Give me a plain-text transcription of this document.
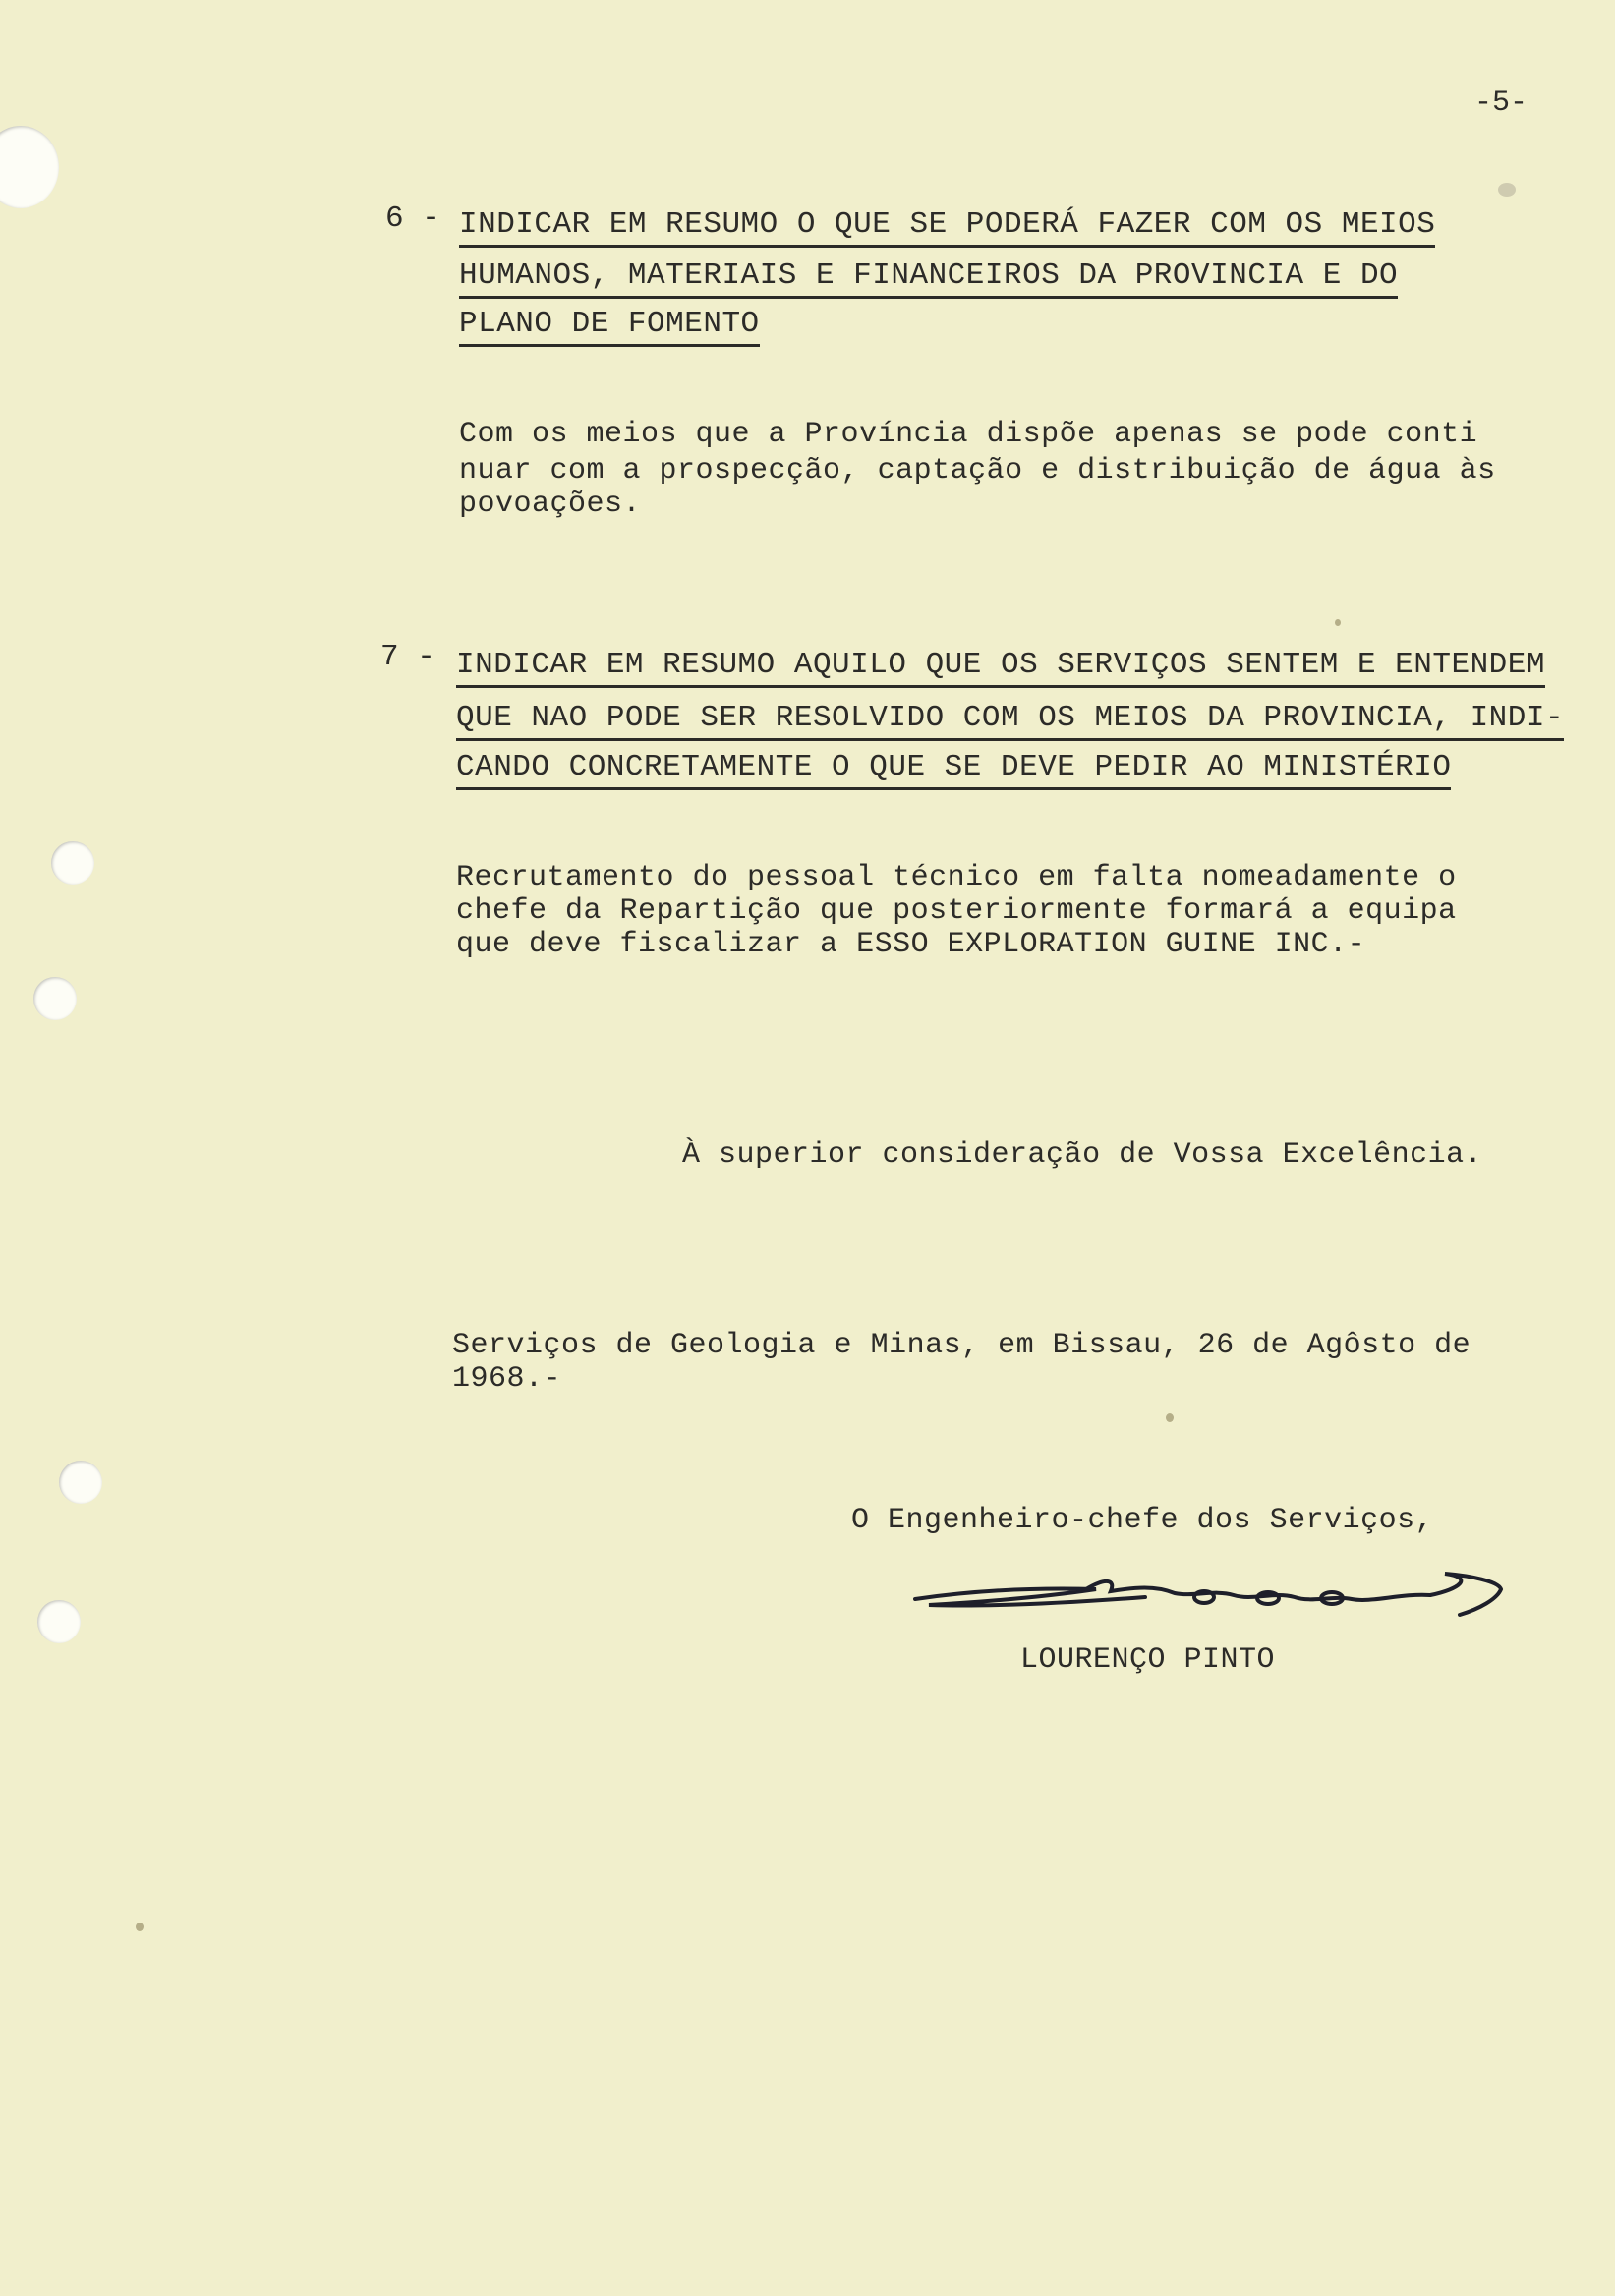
-5-
6 - INDICAR EM RESUMO O QUE SE PODERÁ FAZER COM OS MEIOS
HUMANOS, MATERIAIS E FINANCEIROS DA PROVINCIA E DO
PLANO DE FOMENTO
Com os meios que a Província dispõe apenas se pode conti
nuar com a prospecção, captação e distribuição de água às
povoações.
7 - INDICAR EM RESUMO AQUILO QUE OS SERVIÇOS SENTEM E ENTENDEM
QUE NAO PODE SER RESOLVIDO COM OS MEIOS DA PROVINCIA, INDI-
CANDO CONCRETAMENTE O QUE SE DEVE PEDIR AO MINISTÉRIO
Recrutamento do pessoal técnico em falta nomeadamente o
chefe da Repartição que posteriormente formará a equipa
que deve fiscalizar a ESSO EXPLORATION GUINE INC.-
À superior consideração de Vossa Excelência.
Serviços de Geologia e Minas, em Bissau, 26 de Agôsto de
1968.-
O Engenheiro-chefe dos Serviços,
LOURENÇO PINTO
